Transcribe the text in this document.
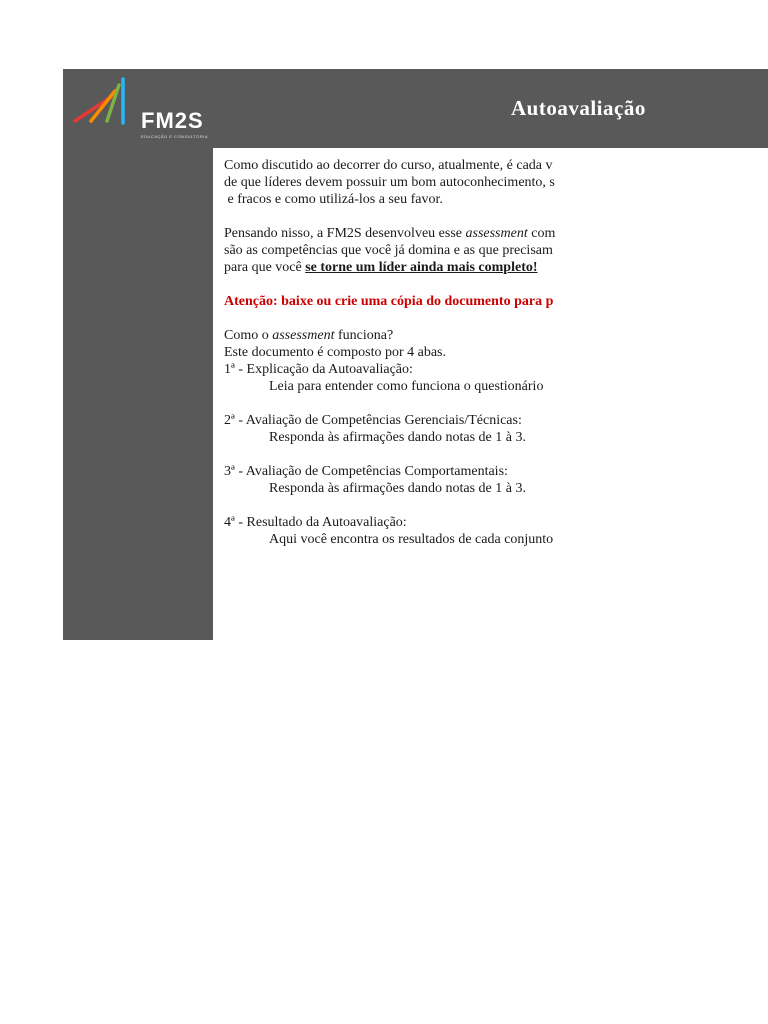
FM2S
EDUCAÇÃO E CONSULTORIA
Autoavaliação
Como discutido ao decorrer do curso, atualmente, é cada v
de que líderes devem possuir um bom autoconhecimento, s
e fracos e como utilizá-los a seu favor.
Pensando nisso, a FM2S desenvolveu esse assessment com
são as competências que você já domina e as que precisam
para que você se torne um líder ainda mais completo!
Atenção: baixe ou crie uma cópia do documento para p
Como o assessment funciona?
Este documento é composto por 4 abas.
1ª - Explicação da Autoavaliação:
Leia para entender como funciona o questionário
2ª - Avaliação de Competências Gerenciais/Técnicas:
Responda às afirmações dando notas de 1 à 3.
3ª - Avaliação de Competências Comportamentais:
Responda às afirmações dando notas de 1 à 3.
4ª - Resultado da Autoavaliação:
Aqui você encontra os resultados de cada conjunto
